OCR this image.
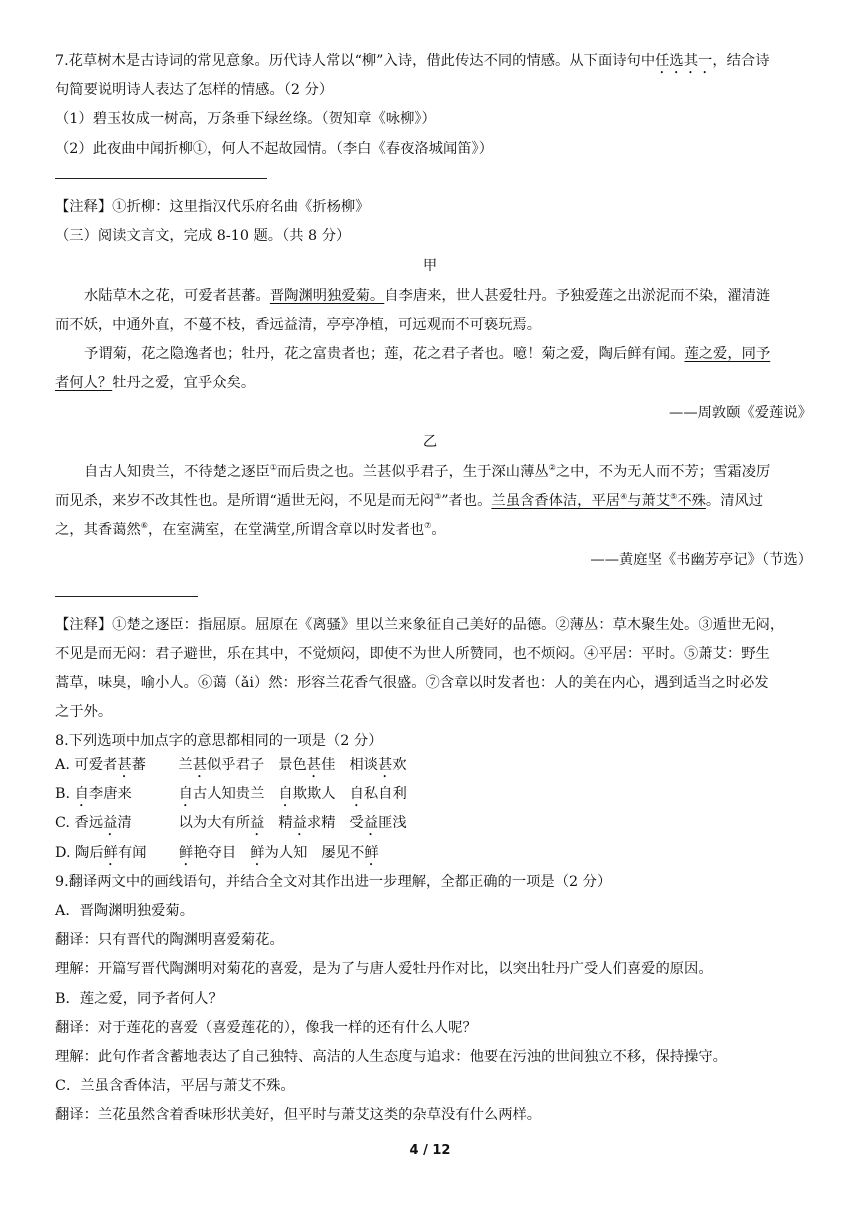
7.花草树木是古诗词的常见意象。历代诗人常以“柳”入诗，借此传达不同的情感。从下面诗句中任选其一，结合诗
句简要说明诗人表达了怎样的情感。（2 分）
（1）碧玉妆成一树高，万条垂下绿丝绦。（贺知章《咏柳》）
（2）此夜曲中闻折柳①，何人不起故园情。（李白《春夜洛城闻笛》）
【注释】①折柳：这里指汉代乐府名曲《折杨柳》
（三）阅读文言文，完成 8-10 题。（共 8 分）
甲
水陆草木之花，可爱者甚蕃。晋陶渊明独爱菊。自李唐来，世人甚爱牡丹。予独爱莲之出淤泥而不染，濯清涟
而不妖，中通外直，不蔓不枝，香远益清，亭亭净植，可远观而不可亵玩焉。
予谓菊，花之隐逸者也；牡丹，花之富贵者也；莲，花之君子者也。噫！菊之爱，陶后鲜有闻。莲之爱，同予
者何人？牡丹之爱，宜乎众矣。
——周敦颐《爱莲说》
乙
自古人知贵兰，不待楚之逐臣①而后贵之也。兰甚似乎君子，生于深山薄丛②之中，不为无人而不芳；雪霜凌厉
而见杀，来岁不改其性也。是所谓“遁世无闷，不见是而无闷③”者也。兰虽含香体洁，平居④与萧艾⑤不殊。清风过
之，其香蔼然⑥，在室满室，在堂满堂,所谓含章以时发者也⑦。
——黄庭坚《书幽芳亭记》（节选）
【注释】①楚之逐臣：指屈原。屈原在《离骚》里以兰来象征自己美好的品德。②薄丛：草木聚生处。③遁世无闷，
不见是而无闷：君子避世，乐在其中，不觉烦闷，即使不为世人所赞同，也不烦闷。④平居：平时。⑤萧艾：野生
蒿草，味臭，喻小人。⑥蔼（ǎi）然：形容兰花香气很盛。⑦含章以时发者也：人的美在内心，遇到适当之时必发
之于外。
8.下列选项中加点字的意思都相同的一项是（2 分）
A. 可爱者甚蕃 兰甚似乎君子 景色甚佳 相谈甚欢
B. 自李唐来	自古人知贵兰 自欺欺人 自私自利
C. 香远益清	以为大有所益 精益求精 受益匪浅
D. 陶后鲜有闻 鲜艳夺目 鲜为人知 屡见不鲜
9.翻译两文中的画线语句，并结合全文对其作出进一步理解，全都正确的一项是（2 分）
A．晋陶渊明独爱菊。
翻译：只有晋代的陶渊明喜爱菊花。
理解：开篇写晋代陶渊明对菊花的喜爱，是为了与唐人爱牡丹作对比，以突出牡丹广受人们喜爱的原因。
B．莲之爱，同予者何人？
翻译：对于莲花的喜爱（喜爱莲花的），像我一样的还有什么人呢？
理解：此句作者含蓄地表达了自己独特、高洁的人生态度与追求：他要在污浊的世间独立不移，保持操守。
C．兰虽含香体洁，平居与萧艾不殊。
翻译：兰花虽然含着香味形状美好，但平时与萧艾这类的杂草没有什么两样。
4 / 12
